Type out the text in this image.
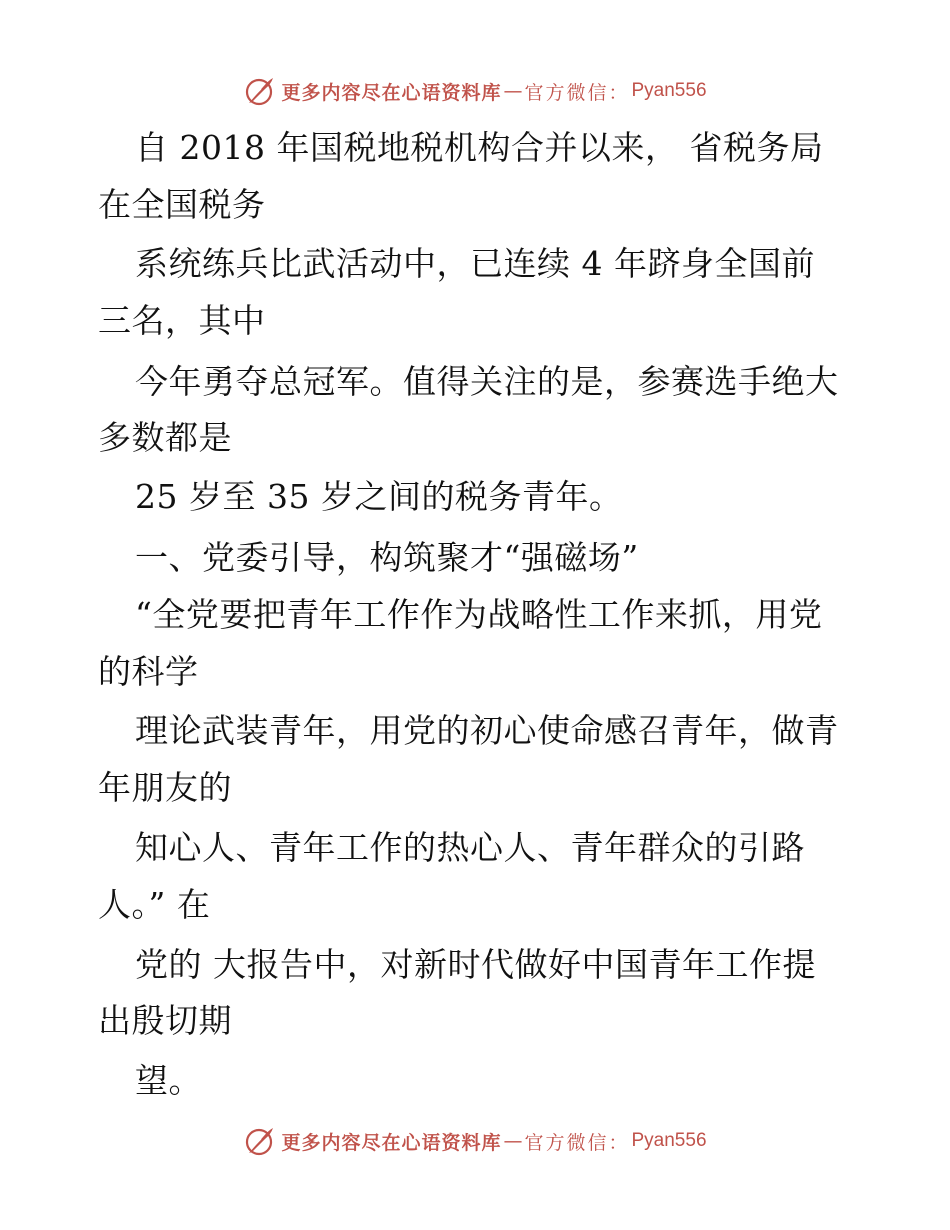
更多内容尽在心语资料库 — 官方微信： Pyan556
自 2018 年国税地税机构合并以来， 省税务局
在全国税务
系统练兵比武活动中，已连续 4 年跻身全国前
三名，其中
今年勇夺总冠军。值得关注的是，参赛选手绝大
多数都是
25 岁至 35 岁之间的税务青年。
一、党委引导，构筑聚才“强磁场”
“全党要把青年工作作为战略性工作来抓，用党
的科学
理论武装青年，用党的初心使命感召青年，做青
年朋友的
知心人、青年工作的热心人、青年群众的引路
人。” 在
党的 大报告中，对新时代做好中国青年工作提
出殷切期
望。
更多内容尽在心语资料库 — 官方微信： Pyan556
